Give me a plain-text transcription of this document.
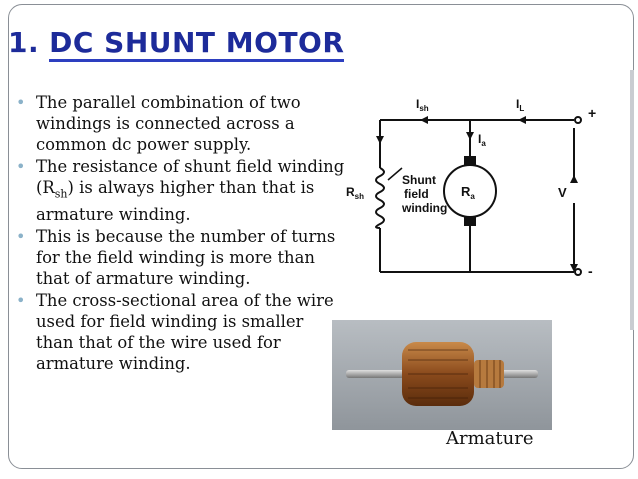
1. DC SHUNT MOTOR
• The parallel combination of two windings is connected across a common dc power supply.
• The resistance of shunt field winding $(R_{sh})$ is always higher than that is armature winding.
• This is because the number of turns for the field winding is more than that of armature winding.
• The cross-sectional area of the wire used for field winding is smaller than that of the wire used for armature winding.
$I_{sh}$	$I_L$
$I_a$
$R_{sh}$	$R_a$
Shunt
field
winding
V
+
-
Armature
